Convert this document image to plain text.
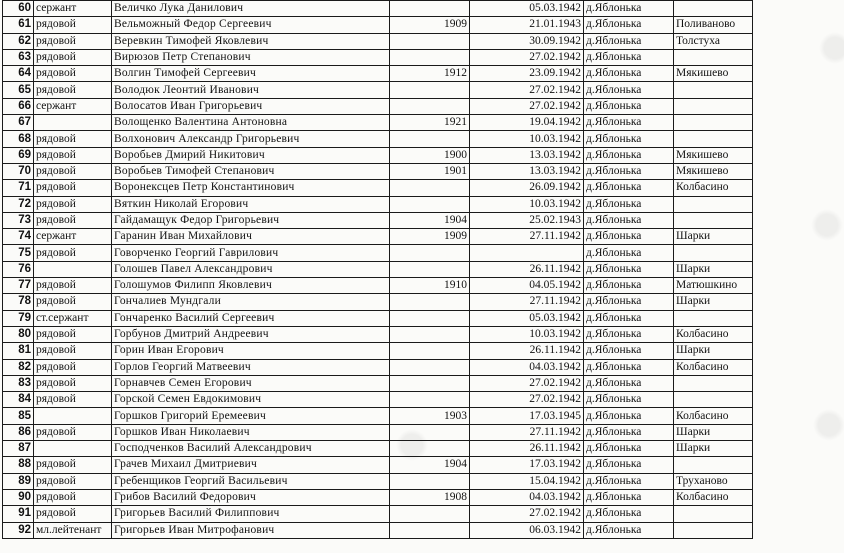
60	сержант	Величко Лука Данилович		05.03.1942	д.Яблонька	
61	рядовой	Вельможный Федор Сергеевич	1909	21.01.1943	д.Яблонька	Поливаново
62	рядовой	Веревкин Тимофей Яковлевич		30.09.1942	д.Яблонька	Толстуха
63	рядовой	Вирюзов Петр Степанович		27.02.1942	д.Яблонька	
64	рядовой	Волгин Тимофей Сергеевич	1912	23.09.1942	д.Яблонька	Мякишево
65	рядовой	Володюк Леонтий Иванович		27.02.1942	д.Яблонька	
66	сержант	Волосатов Иван Григорьевич		27.02.1942	д.Яблонька	
67		Волощенко Валентина Антоновна	1921	19.04.1942	д.Яблонька	
68	рядовой	Волхонович Александр Григорьевич		10.03.1942	д.Яблонька	
69	рядовой	Воробьев Дмирий Никитович	1900	13.03.1942	д.Яблонька	Мякишево
70	рядовой	Воробьев Тимофей Степанович	1901	13.03.1942	д.Яблонька	Мякишево
71	рядовой	Воронексцев Петр Константинович		26.09.1942	д.Яблонька	Колбасино
72	рядовой	Вяткин Николай Егорович		10.03.1942	д.Яблонька	
73	рядовой	Гайдамащук Федор Григорьевич	1904	25.02.1943	д.Яблонька	
74	сержант	Гаранин Иван Михайлович	1909	27.11.1942	д.Яблонька	Шарки
75	рядовой	Говорченко Георгий Гаврилович			д.Яблонька	
76		Голошев Павел Александрович		26.11.1942	д.Яблонька	Шарки
77	рядовой	Голошумов Филипп Яковлевич	1910	04.05.1942	д.Яблонька	Матюшкино
78	рядовой	Гончалиев Мундгали		27.11.1942	д.Яблонька	Шарки
79	ст.сержант	Гончаренко Василий Сергеевич		05.03.1942	д.Яблонька	
80	рядовой	Горбунов Дмитрий Андреевич		10.03.1942	д.Яблонька	Колбасино
81	рядовой	Горин Иван Егорович		26.11.1942	д.Яблонька	Шарки
82	рядовой	Горлов Георгий Матвеевич		04.03.1942	д.Яблонька	Колбасино
83	рядовой	Горнавчев Семен Егорович		27.02.1942	д.Яблонька	
84	рядовой	Горской Семен Евдокимович		27.02.1942	д.Яблонька	
85		Горшков Григорий Еремеевич	1903	17.03.1945	д.Яблонька	Колбасино
86	рядовой	Горшков Иван Николаевич		27.11.1942	д.Яблонька	Шарки
87		Господченков Василий Александрович		26.11.1942	д.Яблонька	Шарки
88	рядовой	Грачев Михаил Дмитриевич	1904	17.03.1942	д.Яблонька	
89	рядовой	Гребенщиков Георгий Васильевич		15.04.1942	д.Яблонька	Труханово
90	рядовой	Грибов Василий Федорович	1908	04.03.1942	д.Яблонька	Колбасино
91	рядовой	Григорьев Василий Филиппович		27.02.1942	д.Яблонька	
92	мл.лейтенант	Григорьев Иван Митрофанович		06.03.1942	д.Яблонька	
